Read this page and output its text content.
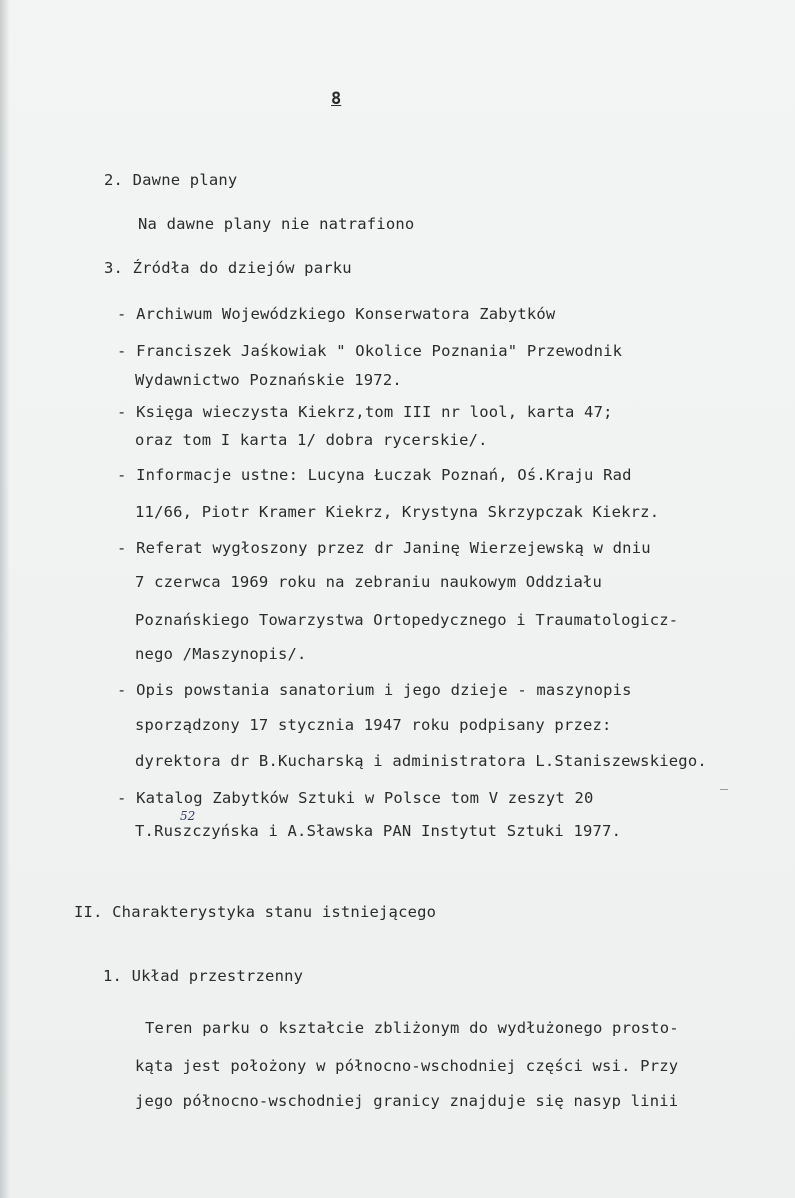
8
2. Dawne plany
Na dawne plany nie natrafiono
3. Źródła do dziejów parku
- Archiwum Wojewódzkiego Konserwatora Zabytków
- Franciszek Jaśkowiak " Okolice Poznania" Przewodnik
Wydawnictwo Poznańskie 1972.
- Księga wieczysta Kiekrz,tom III nr lool, karta 47;
oraz tom I karta 1/ dobra rycerskie/.
- Informacje ustne: Lucyna Łuczak Poznań, Oś.Kraju Rad
11/66, Piotr Kramer Kiekrz, Krystyna Skrzypczak Kiekrz.
- Referat wygłoszony przez dr Janinę Wierzejewską w dniu
7 czerwca 1969 roku na zebraniu naukowym Oddziału
Poznańskiego Towarzystwa Ortopedycznego i Traumatologicz-
nego /Maszynopis/.
- Opis powstania sanatorium i jego dzieje - maszynopis
sporządzony 17 stycznia 1947 roku podpisany przez:
dyrektora dr B.Kucharską i administratora L.Staniszewskiego.
- Katalog Zabytków Sztuki w Polsce tom V zeszyt 20
T.Ruszczyńska i A.Sławska PAN Instytut Sztuki 1977.
52
II. Charakterystyka stanu istniejącego
1. Układ przestrzenny
Teren parku o kształcie zbliżonym do wydłużonego prosto-
kąta jest położony w północno-wschodniej części wsi. Przy
jego północno-wschodniej granicy znajduje się nasyp linii
